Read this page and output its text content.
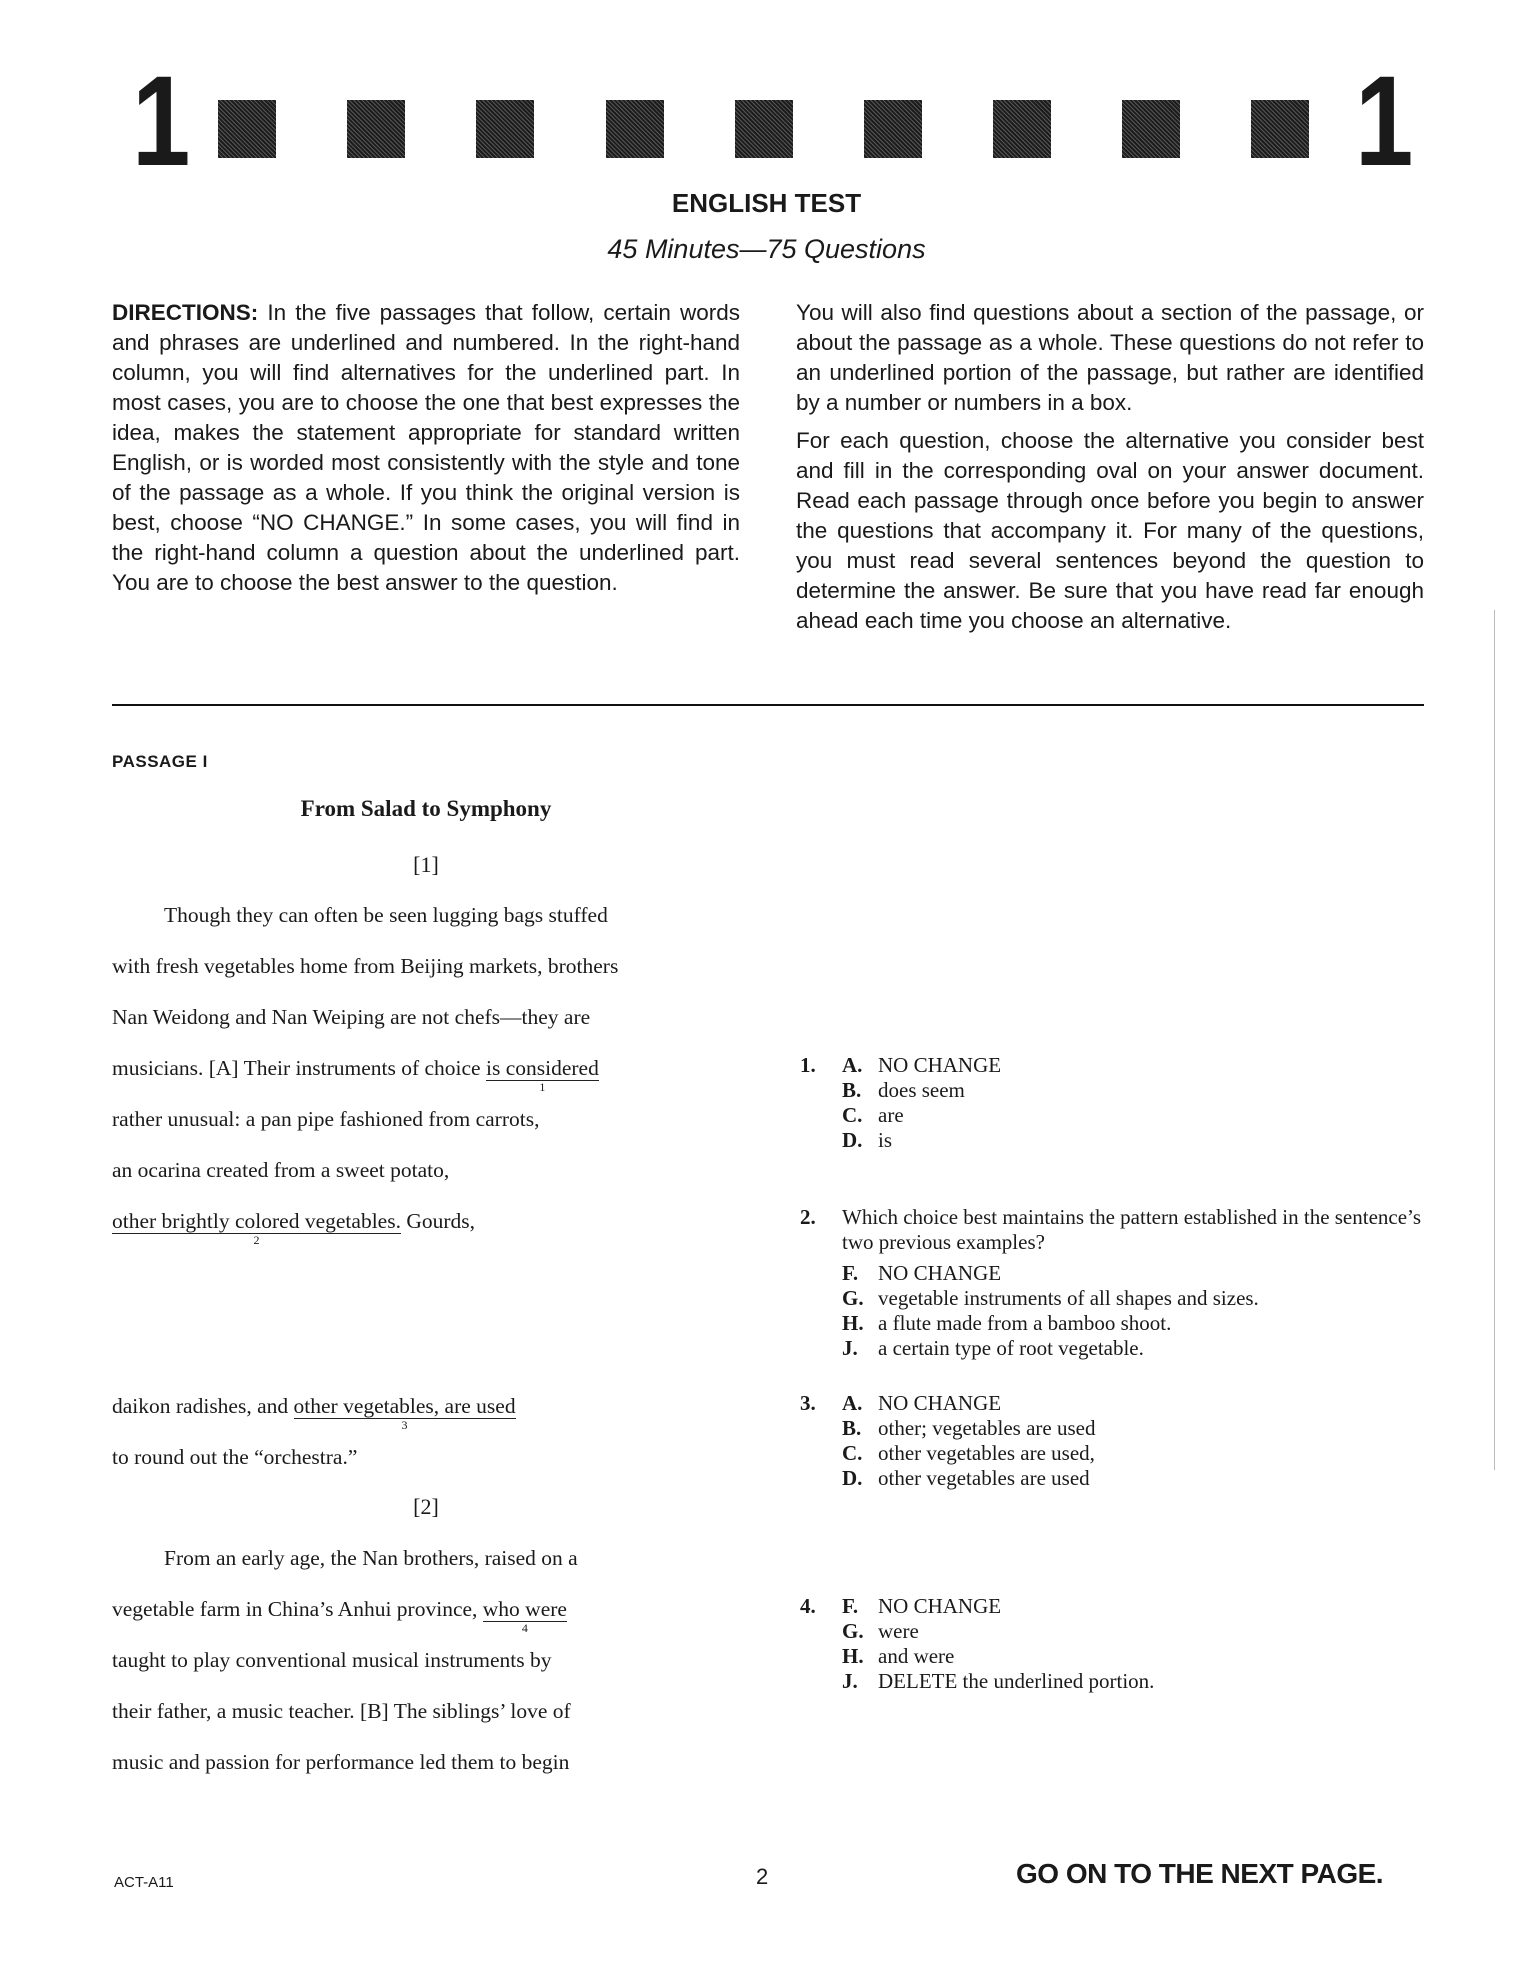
1	1
ENGLISH TEST
45 Minutes—75 Questions

DIRECTIONS: In the five passages that follow, certain words and phrases are underlined and numbered. In the right-hand column, you will find alternatives for the underlined part. In most cases, you are to choose the one that best expresses the idea, makes the statement appropriate for standard written English, or is worded most consistently with the style and tone of the passage as a whole. If you think the original version is best, choose “NO CHANGE.” In some cases, you will find in the right-hand column a question about the underlined part. You are to choose the best answer to the question.

You will also find questions about a section of the passage, or about the passage as a whole. These questions do not refer to an underlined portion of the passage, but rather are identified by a number or numbers in a box.

For each question, choose the alternative you consider best and fill in the corresponding oval on your answer document. Read each passage through once before you begin to answer the questions that accompany it. For many of the questions, you must read several sentences beyond the question to determine the answer. Be sure that you have read far enough ahead each time you choose an alternative.

PASSAGE I
From Salad to Symphony
[1]
Though they can often be seen lugging bags stuffed
with fresh vegetables home from Beijing markets, brothers
Nan Weidong and Nan Weiping are not chefs—they are
musicians. [A] Their instruments of choice is considered
1
rather unusual: a pan pipe fashioned from carrots,
an ocarina created from a sweet potato,
other brightly colored vegetables.
2
Gourds,
daikon radishes, and other vegetables, are used
3
to round out the “orchestra.”
[2]
From an early age, the Nan brothers, raised on a
vegetable farm in China’s Anhui province, who were
4
taught to play conventional musical instruments by
their father, a music teacher. [B] The siblings’ love of
music and passion for performance led them to begin
1. A. NO CHANGE
B. does seem
C. are
D. is
2. Which choice best maintains the pattern established in the sentence’s two previous examples?
F. NO CHANGE
G. vegetable instruments of all shapes and sizes.
H. a flute made from a bamboo shoot.
J. a certain type of root vegetable.
3. A. NO CHANGE
B. other; vegetables are used
C. other vegetables are used,
D. other vegetables are used
4. F. NO CHANGE
G. were
H. and were
J. DELETE the underlined portion.
ACT-A11	2	GO ON TO THE NEXT PAGE.
